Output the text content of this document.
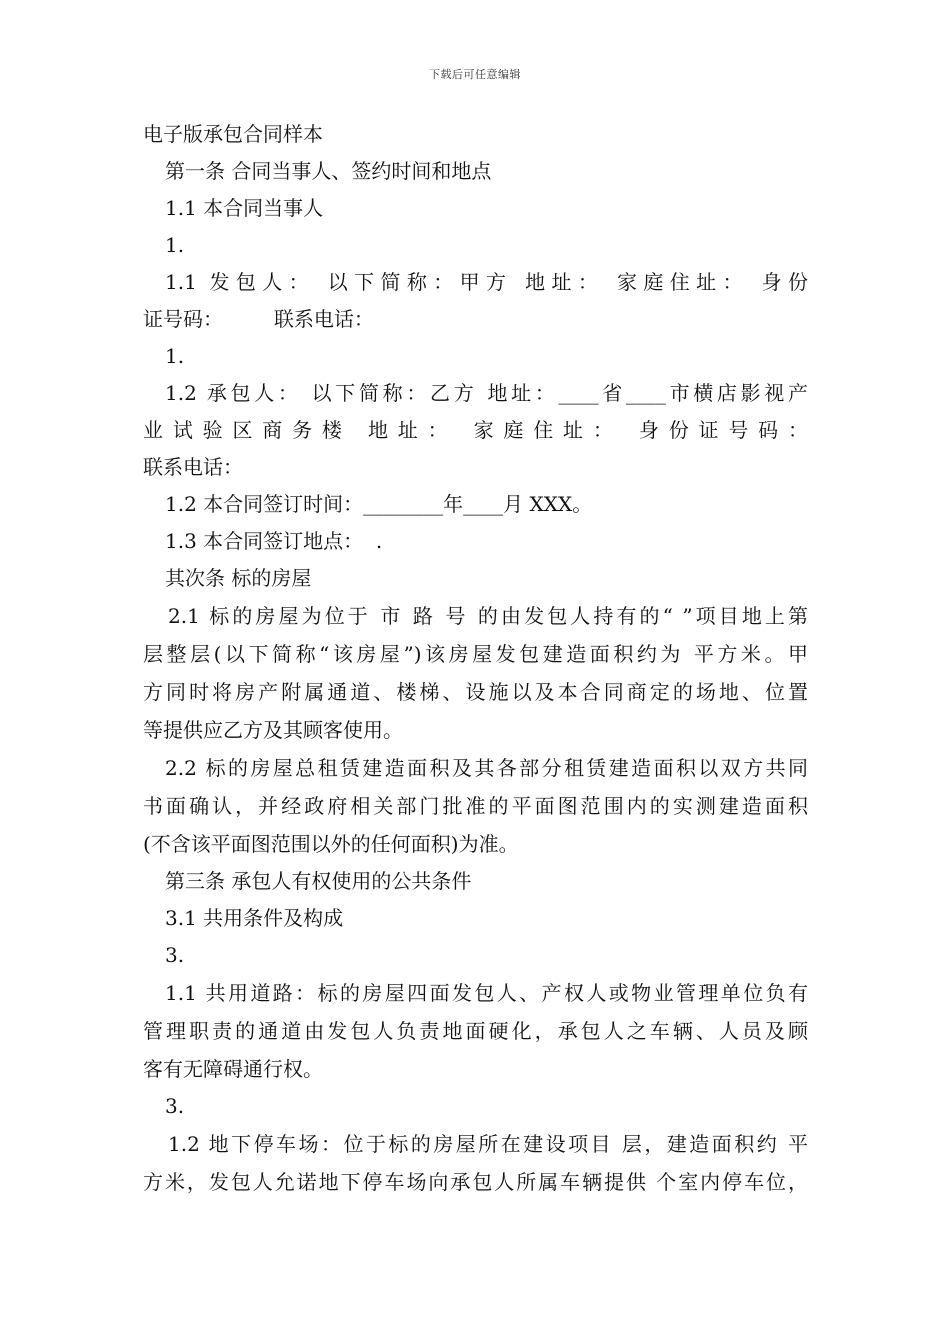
下载后可任意编辑
电子版承包合同样本
第一条 合同当事人、签约时间和地点
1.1 本合同当事人
1.
1.1 发包人： 以下简称：甲方 地址： 家庭住址： 身份
证号码：        联系电话：
1.
1.2 承包人： 以下简称：乙方 地址：____省____市横店影视产
业试验区商务楼 地址： 家庭住址： 身份证号码：
联系电话：
1.2 本合同签订时间：________年____月 XXX。
1.3 本合同签订地点：  .
其次条 标的房屋
2.1 标的房屋为位于 市 路 号 的由发包人持有的“ ”项目地上第
层整层(以下简称“该房屋”)该房屋发包建造面积约为 平方米。甲
方同时将房产附属通道、楼梯、设施以及本合同商定的场地、位置
等提供应乙方及其顾客使用。
2.2 标的房屋总租赁建造面积及其各部分租赁建造面积以双方共同
书面确认，并经政府相关部门批准的平面图范围内的实测建造面积
(不含该平面图范围以外的任何面积)为准。
第三条 承包人有权使用的公共条件
3.1 共用条件及构成
3.
1.1 共用道路：标的房屋四面发包人、产权人或物业管理单位负有
管理职责的通道由发包人负责地面硬化，承包人之车辆、人员及顾
客有无障碍通行权。
3.
1.2 地下停车场：位于标的房屋所在建设项目 层，建造面积约 平
方米，发包人允诺地下停车场向承包人所属车辆提供 个室内停车位，
